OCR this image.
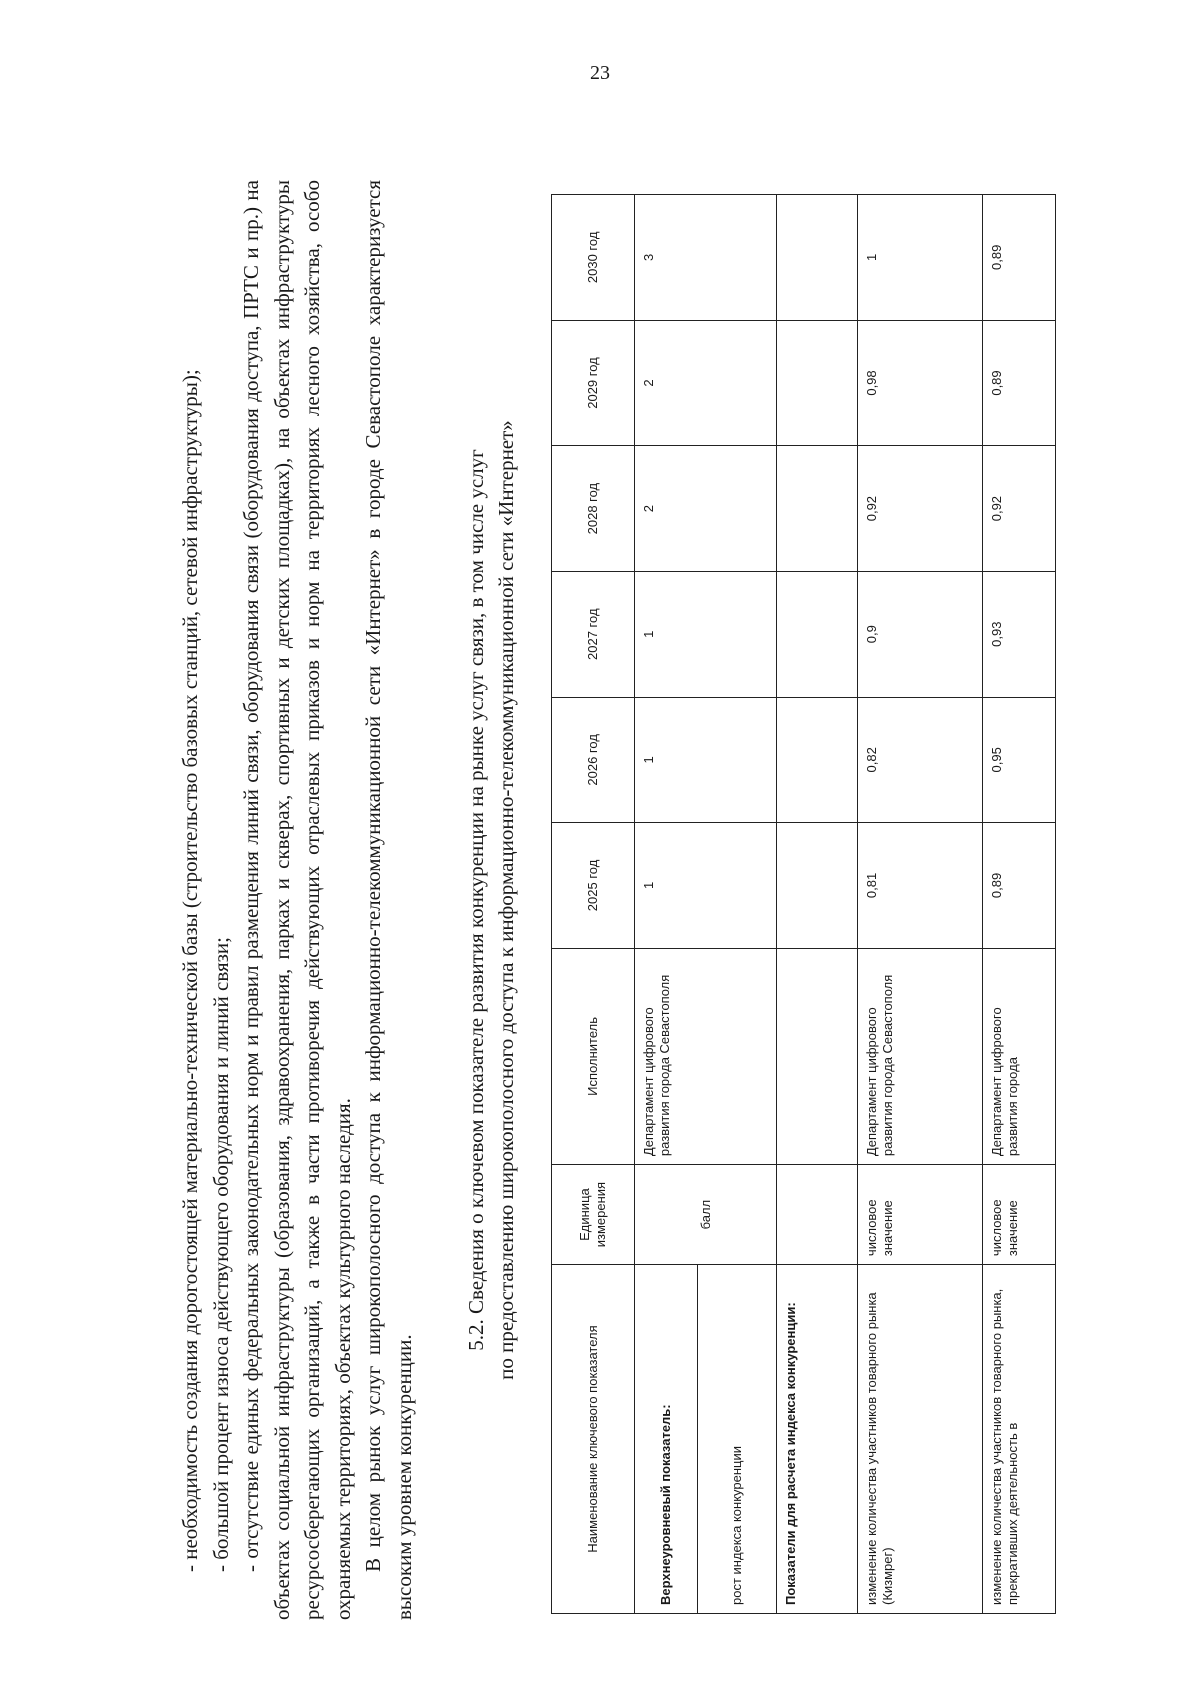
23

- необходимость создания дорогостоящей материально-технической базы (строительство базовых станций, сетевой инфраструктуры); - большой процент износа действующего оборудования и линий связи; - отсутствие единых федеральных законодательных норм и правил размещения линий связи, оборудования связи (оборудования доступа, ПРТС и пр.) на объектах социальной инфраструктуры (образования, здравоохранения, парках и скверах, спортивных и детских площадках), на объектах инфраструктуры ресурсосберегающих организаций, а также в части противоречия действующих отраслевых приказов и норм на территориях лесного хозяйства, особо охраняемых территориях, объектах культурного наследия. В целом рынок услуг широкополосного доступа к информационно-телекоммуникационной сети «Интернет» в городе Севастополе характеризуется высоким уровнем конкуренции.

5.2. Сведения о ключевом показателе развития конкуренции на рынке услуг связи, в том числе услуг по предоставлению широкополосного доступа к информационно-телекоммуникационной сети «Интернет»
Наименование ключевого показателя	Единица измерения	Исполнитель	2025 год	2026 год	2027 год	2028 год	2029 год	2030 год
Верхнеуровневый показатель:	балл	Департамент цифрового развития города Севастополя	1	1	1	2	2	3
рост индекса конкуренции								
Показатели для расчета индекса конкуренции:								
изменение количества участников товарного рынка (Кизмрег)	числовое значение	Департамент цифрового развития города Севастополя	0,81	0,82	0,9	0,92	0,98	1
изменение количества участников товарного рынка, прекративших деятельность в	числовое значение	Департамент цифрового развития города	0,89	0,95	0,93	0,92	0,89	0,89
